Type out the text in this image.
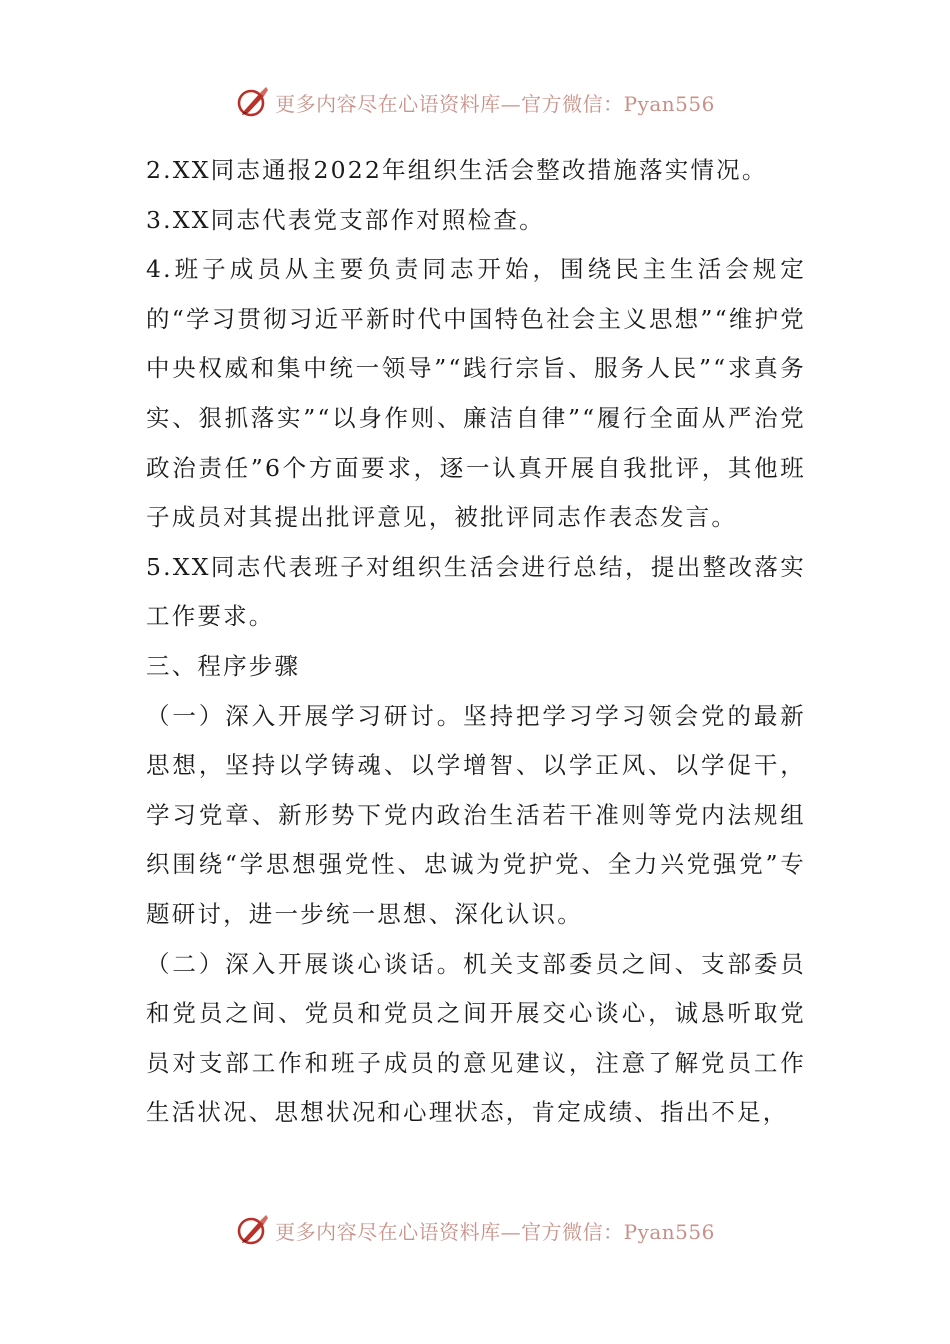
更多内容尽在心语资料库—官方微信：Pyan556

2.XX同志通报2022年组织生活会整改措施落实情况。

3.XX同志代表党支部作对照检查。

4.班子成员从主要负责同志开始，围绕民主生活会规定的“学习贯彻习近平新时代中国特色社会主义思想”“维护党中央权威和集中统一领导”“践行宗旨、服务人民”“求真务实、狠抓落实”“以身作则、廉洁自律”“履行全面从严治党政治责任”6个方面要求，逐一认真开展自我批评，其他班子成员对其提出批评意见，被批评同志作表态发言。

5.XX同志代表班子对组织生活会进行总结，提出整改落实工作要求。

三、程序步骤

（一）深入开展学习研讨。坚持把学习学习领会党的最新思想，坚持以学铸魂、以学增智、以学正风、以学促干，学习党章、新形势下党内政治生活若干准则等党内法规组织围绕“学思想强党性、忠诚为党护党、全力兴党强党”专题研讨，进一步统一思想、深化认识。

（二）深入开展谈心谈话。机关支部委员之间、支部委员和党员之间、党员和党员之间开展交心谈心，诚恳听取党员对支部工作和班子成员的意见建议，注意了解党员工作生活状况、思想状况和心理状态，肯定成绩、指出不足，

更多内容尽在心语资料库—官方微信：Pyan556
